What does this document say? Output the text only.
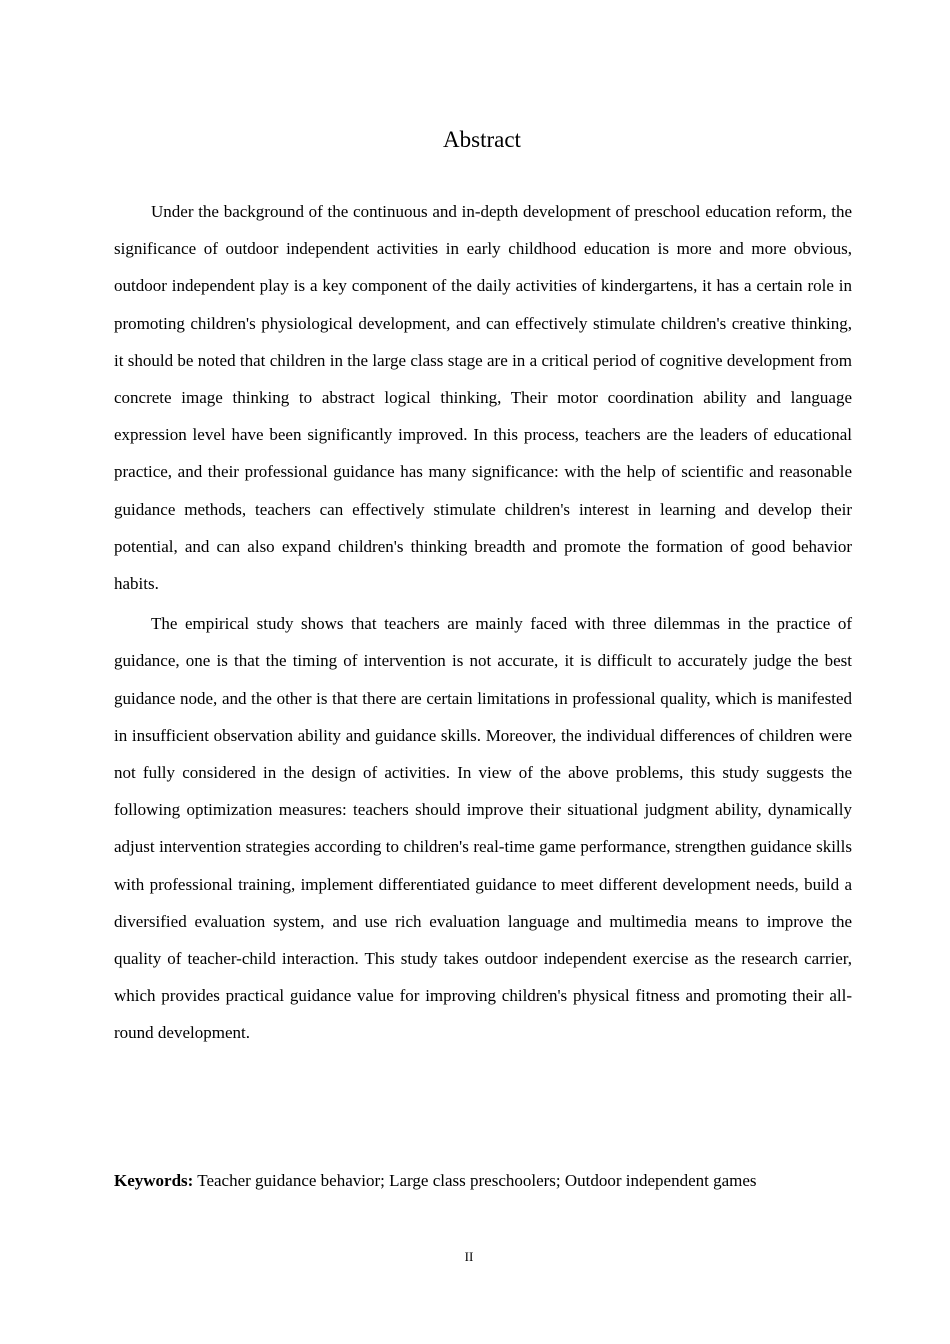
Abstract

Under the background of the continuous and in-depth development of preschool education reform, the significance of outdoor independent activities in early childhood education is more and more obvious, outdoor independent play is a key component of the daily activities of kindergartens, it has a certain role in promoting children's physiological development, and can effectively stimulate children's creative thinking, it should be noted that children in the large class stage are in a critical period of cognitive development from concrete image thinking to abstract logical thinking, Their motor coordination ability and language expression level have been significantly improved. In this process, teachers are the leaders of educational practice, and their professional guidance has many significance: with the help of scientific and reasonable guidance methods, teachers can effectively stimulate children's interest in learning and develop their potential, and can also expand children's thinking breadth and promote the formation of good behavior habits.

The empirical study shows that teachers are mainly faced with three dilemmas in the practice of guidance, one is that the timing of intervention is not accurate, it is difficult to accurately judge the best guidance node, and the other is that there are certain limitations in professional quality, which is manifested in insufficient observation ability and guidance skills. Moreover, the individual differences of children were not fully considered in the design of activities. In view of the above problems, this study suggests the following optimization measures: teachers should improve their situational judgment ability, dynamically adjust intervention strategies according to children's real-time game performance, strengthen guidance skills with professional training, implement differentiated guidance to meet different development needs, build a diversified evaluation system, and use rich evaluation language and multimedia means to improve the quality of teacher-child interaction. This study takes outdoor independent exercise as the research carrier, which provides practical guidance value for improving children's physical fitness and promoting their all-round development.

Keywords: Teacher guidance behavior; Large class preschoolers; Outdoor independent games

II
